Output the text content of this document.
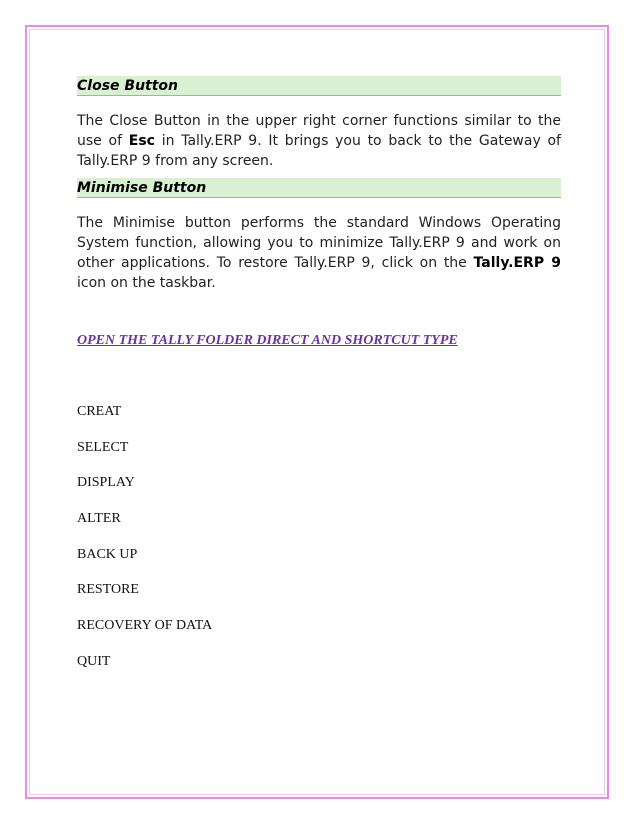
Close Button

The Close Button in the upper right corner functions similar to the use of Esc in Tally.ERP 9. It brings you to back to the Gateway of Tally.ERP 9 from any screen.

Minimise Button

The Minimise button performs the standard Windows Operating System function, allowing you to minimize Tally.ERP 9 and work on other applications. To restore Tally.ERP 9, click on the Tally.ERP 9 icon on the taskbar.

OPEN THE TALLY FOLDER DIRECT AND SHORTCUT TYPE
CREAT
SELECT
DISPLAY
ALTER
BACK UP
RESTORE
RECOVERY OF DATA
QUIT
